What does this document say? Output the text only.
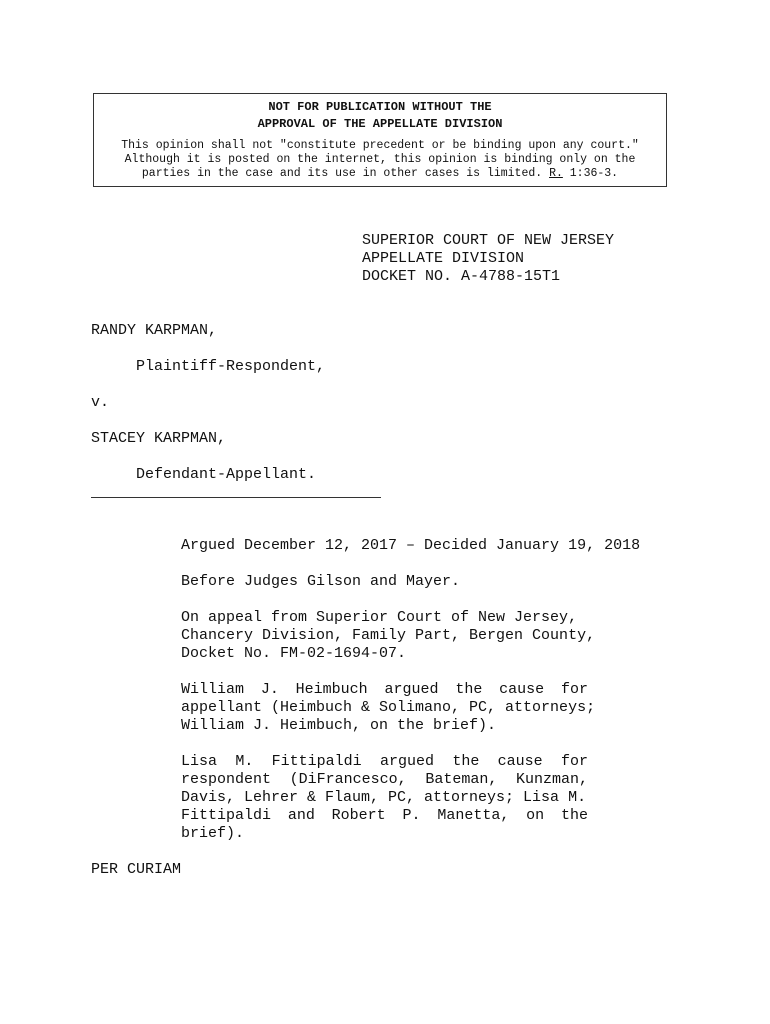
NOT FOR PUBLICATION WITHOUT THE
APPROVAL OF THE APPELLATE DIVISION
This opinion shall not "constitute precedent or be binding upon any court."
Although it is posted on the internet, this opinion is binding only on the
parties in the case and its use in other cases is limited. R. 1:36-3.
SUPERIOR COURT OF NEW JERSEY
APPELLATE DIVISION
DOCKET NO. A-4788-15T1
RANDY KARPMAN,
Plaintiff-Respondent,
v.
STACEY KARPMAN,
Defendant-Appellant.
Argued December 12, 2017 – Decided January 19, 2018
Before Judges Gilson and Mayer.
On appeal from Superior Court of New Jersey,
Chancery Division, Family Part, Bergen County,
Docket No. FM-02-1694-07.
William J. Heimbuch argued the cause for
appellant (Heimbuch & Solimano, PC, attorneys;
William J. Heimbuch, on the brief).
Lisa M. Fittipaldi argued the cause for
respondent (DiFrancesco, Bateman, Kunzman,
Davis, Lehrer & Flaum, PC, attorneys; Lisa M.
Fittipaldi and Robert P. Manetta, on the
brief).
PER CURIAM
